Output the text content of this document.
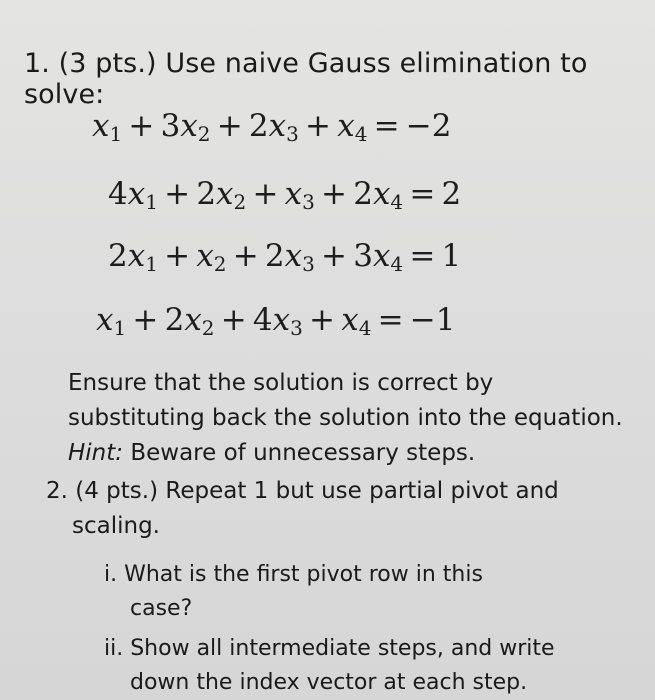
1. (3 pts.) Use naive Gauss elimination to solve:
$x_1 + 3x_2 + 2x_3 + x_4 = -2$
$4x_1 + 2x_2 + x_3 + 2x_4 = 2$
$2x_1 + x_2 + 2x_3 + 3x_4 = 1$
$x_1 + 2x_2 + 4x_3 + x_4 = -1$
Ensure that the solution is correct by substituting back the solution into the equation. Hint: Beware of unnecessary steps.
2. (4 pts.) Repeat 1 but use partial pivot and
scaling.
i. What is the first pivot row in this
case?
ii. Show all intermediate steps, and write
down the index vector at each step.
